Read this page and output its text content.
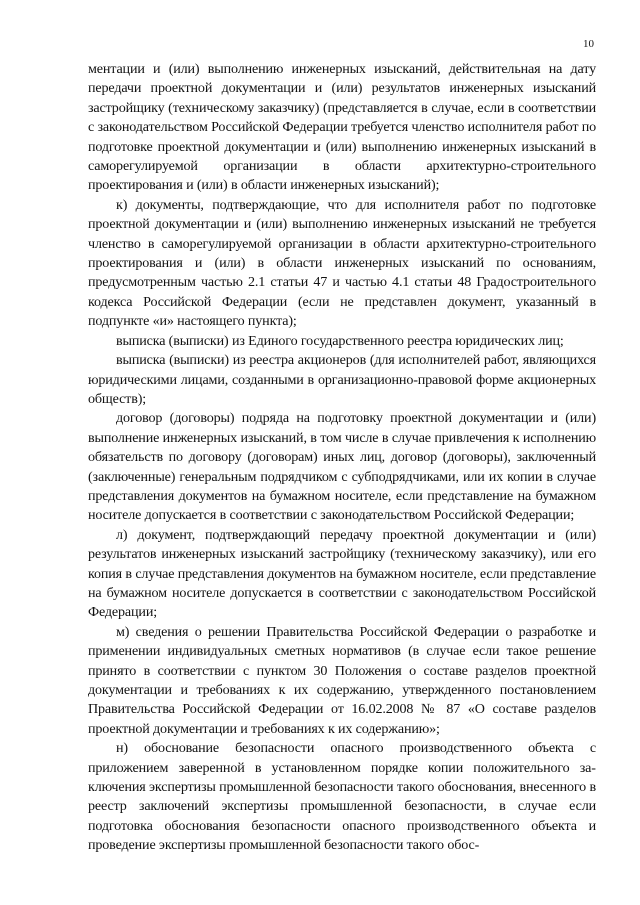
10

ментации и (или) выполнению инженерных изысканий, действительная на дату передачи проектной документации и (или) результатов инженерных изысканий застройщику (техническому заказчику) (представляется в случае, если в соответствии с законодательством Российской Федерации требуется членство исполнителя работ по подготовке проектной документации и (или) выполнению инженерных изысканий в саморегулируемой организации в области архитектурно-строительного проектирования и (или) в области инженерных изысканий);

к) документы, подтверждающие, что для исполнителя работ по подготовке проектной документации и (или) выполнению инженерных изысканий не требуется членство в саморегулируемой организации в области архитектурно-строительного проектирования и (или) в области инженерных изысканий по основаниям, предусмотренным частью 2.1 статьи 47 и частью 4.1 статьи 48 Градостроительного кодекса Российской Федерации (если не представлен документ, указанный в подпункте «и» настоящего пункта);

выписка (выписки) из Единого государственного реестра юридических лиц;

выписка (выписки) из реестра акционеров (для исполнителей работ, являющихся юридическими лицами, созданными в организационно-правовой форме акционерных обществ);

договор (договоры) подряда на подготовку проектной документации и (или) выполнение инженерных изысканий, в том числе в случае привлечения к исполнению обязательств по договору (договорам) иных лиц, договор (договоры), заключенный (заключенные) генеральным подрядчиком с субподрядчиками, или их копии в случае представления документов на бумажном носителе, если представление на бумажном носителе допускается в соответствии с законодательством Российской Федерации;

л) документ, подтверждающий передачу проектной документации и (или) результатов инженерных изысканий застройщику (техническому заказчику), или его копия в случае представления документов на бумажном носителе, если представление на бумажном носителе допускается в соответствии с законодательством Российской Федерации;

м) сведения о решении Правительства Российской Федерации о разработке и применении индивидуальных сметных нормативов (в случае если такое решение принято в соответствии с пунктом 30 Положения о составе разделов проектной документации и требованиях к их содержанию, утвержденного постановлением Правительства Российской Федерации от 16.02.2008 № 87 «О составе разделов проектной документации и требованиях к их содержанию»;

н) обоснование безопасности опасного производственного объекта с приложением заверенной в установленном порядке копии положительного заключения экспертизы промышленной безопасности такого обоснования, внесенного в реестр заключений экспертизы промышленной безопасности, в случае если подготовка обоснования безопасности опасного производственного объекта и проведение экспертизы промышленной безопасности такого обос-
